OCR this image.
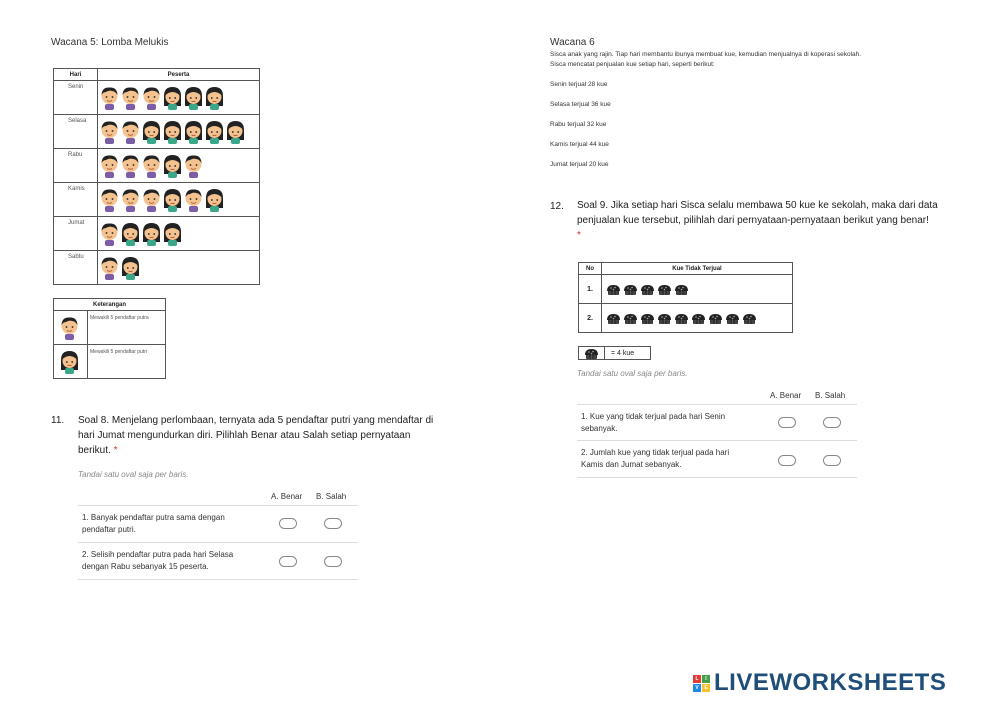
Wacana 5: Lomba Melukis
Hari	Peserta
Senin	
Selasa	
Rabu	
Kamis	
Jumat	
Sabtu	
Keterangan	
	Mewakili 5 pendaftar putra
	Mewakili 5 pendaftar putri
11. Soal 8. Menjelang perlombaan, ternyata ada 5 pendaftar putri yang mendaftar di
hari Jumat mengundurkan diri. Pilihlah Benar atau Salah setiap pernyataan
berikut. *
Tandai satu oval saja per baris.
A. Benar B. Salah
1. Banyak pendaftar putra sama dengan
pendaftar putri.
2. Selisih pendaftar putra pada hari Selasa
dengan Rabu sebanyak 15 peserta.
Wacana 6
Sisca anak yang rajin. Tiap hari membantu ibunya membuat kue, kemudian menjualnya di koperasi sekolah.
Sisca mencatat penjualan kue setiap hari, seperti berikut:
Senin terjual 28 kue
Selasa terjual 36 kue
Rabu terjual 32 kue
Kamis terjual 44 kue
Jumat terjual 20 kue
12. Soal 9. Jika setiap hari Sisca selalu membawa 50 kue ke sekolah, maka dari data
penjualan kue tersebut, pilihlah dari pernyataan-pernyataan berikut yang benar!
*
No	Kue Tidak Terjual
1.	
2.	
= 4 kue
Tandai satu oval saja per baris.
A. Benar B. Salah
1. Kue yang tidak terjual pada hari Senin
sebanyak.
2. Jumlah kue yang tidak terjual pada hari
Kamis dan Jumat sebanyak.
L	I
V	E LIVEWORKSHEETS
